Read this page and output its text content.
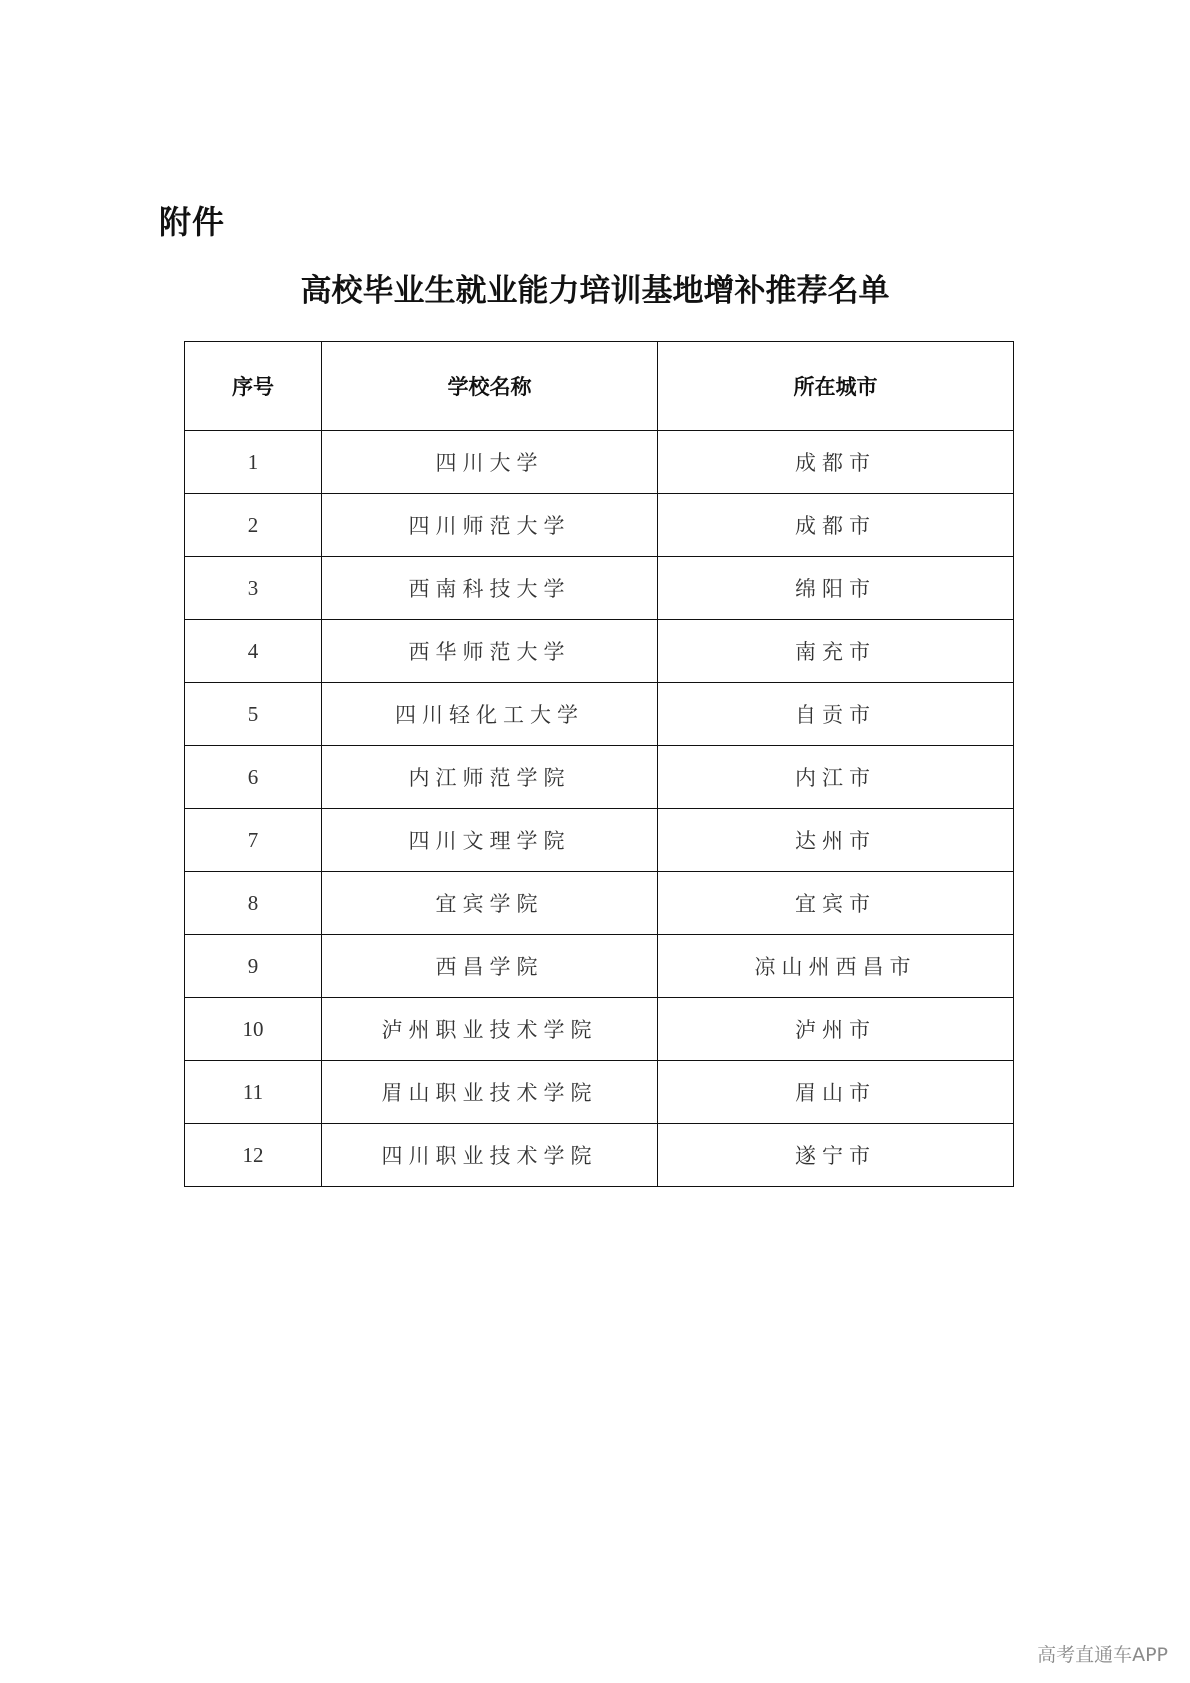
附件
高校毕业生就业能力培训基地增补推荐名单
序号	学校名称	所在城市
1	四川大学	成都市
2	四川师范大学	成都市
3	西南科技大学	绵阳市
4	西华师范大学	南充市
5	四川轻化工大学	自贡市
6	内江师范学院	内江市
7	四川文理学院	达州市
8	宜宾学院	宜宾市
9	西昌学院	凉山州西昌市
10	泸州职业技术学院	泸州市
11	眉山职业技术学院	眉山市
12	四川职业技术学院	遂宁市
高考直通车APP
